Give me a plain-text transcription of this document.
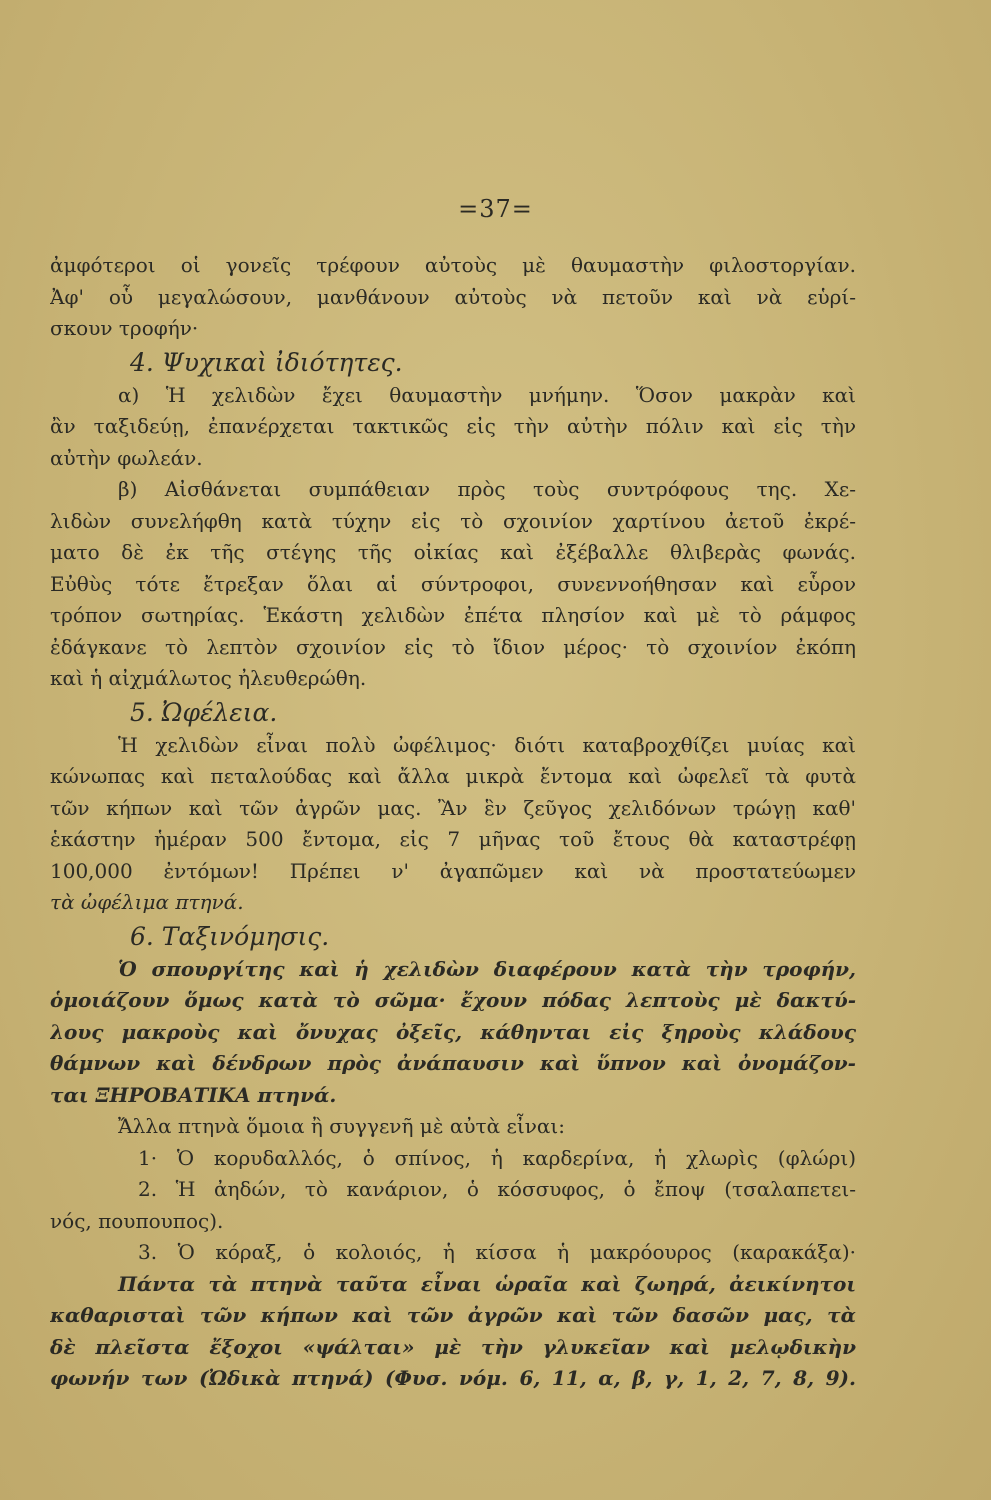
=37=
ἀμφότεροι οἱ γονεῖς τρέφουν αὐτοὺς μὲ θαυμαστὴν φιλοστοργίαν.
Ἀφ' οὗ μεγαλώσουν, μανθάνουν αὐτοὺς νὰ πετοῦν καὶ νὰ εὑρί-
σκουν τροφήν·
4. Ψυχικαὶ ἰδιότητες.
α) Ἡ χελιδὼν ἔχει θαυμαστὴν μνήμην. Ὅσον μακρὰν καὶ
ἂν ταξιδεύῃ, ἐπανέρχεται τακτικῶς εἰς τὴν αὐτὴν πόλιν καὶ εἰς τὴν
αὐτὴν φωλεάν.
β) Αἰσθάνεται συμπάθειαν πρὸς τοὺς συντρόφους της. Χε-
λιδὼν συνελήφθη κατὰ τύχην εἰς τὸ σχοινίον χαρτίνου ἀετοῦ ἐκρέ-
ματο δὲ ἐκ τῆς στέγης τῆς οἰκίας καὶ ἐξέβαλλε θλιβερὰς φωνάς.
Εὐθὺς τότε ἔτρεξαν ὅλαι αἱ σύντροφοι, συνεννοήθησαν καὶ εὗρον
τρόπον σωτηρίας. Ἑκάστη χελιδὼν ἐπέτα πλησίον καὶ μὲ τὸ ράμφος
ἐδάγκανε τὸ λεπτὸν σχοινίον εἰς τὸ ἴδιον μέρος· τὸ σχοινίον ἐκόπη
καὶ ἡ αἰχμάλωτος ἠλευθερώθη.
5. Ὠφέλεια.
Ἡ χελιδὼν εἶναι πολὺ ὠφέλιμος· διότι καταβροχθίζει μυίας καὶ
κώνωπας καὶ πεταλούδας καὶ ἄλλα μικρὰ ἔντομα καὶ ὠφελεῖ τὰ φυτὰ
τῶν κήπων καὶ τῶν ἀγρῶν μας. Ἂν ἓν ζεῦγος χελιδόνων τρώγῃ καθ'
ἑκάστην ἡμέραν 500 ἔντομα, εἰς 7 μῆνας τοῦ ἔτους θὰ καταστρέφῃ
100,000 ἐντόμων! Πρέπει ν' ἀγαπῶμεν καὶ νὰ προστατεύωμεν
τὰ ὠφέλιμα πτηνά.
6. Ταξινόμησις.
Ὁ σπουργίτης καὶ ἡ χελιδὼν διαφέρουν κατὰ τὴν τροφήν,
ὁμοιάζουν ὅμως κατὰ τὸ σῶμα· ἔχουν πόδας λεπτοὺς μὲ δακτύ-
λους μακροὺς καὶ ὄνυχας ὀξεῖς, κάθηνται εἰς ξηροὺς κλάδους
θάμνων καὶ δένδρων πρὸς ἀνάπαυσιν καὶ ὕπνον καὶ ὀνομάζον-
ται ΞΗΡΟΒΑΤΙΚΑ πτηνά.
Ἄλλα πτηνὰ ὅμοια ἢ συγγενῆ μὲ αὐτὰ εἶναι:
1· Ὁ κορυδαλλός, ὁ σπίνος, ἡ καρδερίνα, ἡ χλωρὶς (φλώρι)
2. Ἡ ἀηδών, τὸ κανάριον, ὁ κόσσυφος, ὁ ἔποψ (τσαλαπετει-
νός, πουπουπος).
3. Ὁ κόραξ, ὁ κολοιός, ἡ κίσσα ἡ μακρόουρος (καρακάξα)·
Πάντα τὰ πτηνὰ ταῦτα εἶναι ὡραῖα καὶ ζωηρά, ἀεικίνητοι
καθαρισταὶ τῶν κήπων καὶ τῶν ἀγρῶν καὶ τῶν δασῶν μας, τὰ
δὲ πλεῖστα ἔξοχοι «ψάλται» μὲ τὴν γλυκεῖαν καὶ μελῳδικὴν
φωνήν των (Ὠδικὰ πτηνά) (Φυσ. νόμ. 6, 11, α, β, γ, 1, 2, 7, 8, 9).
